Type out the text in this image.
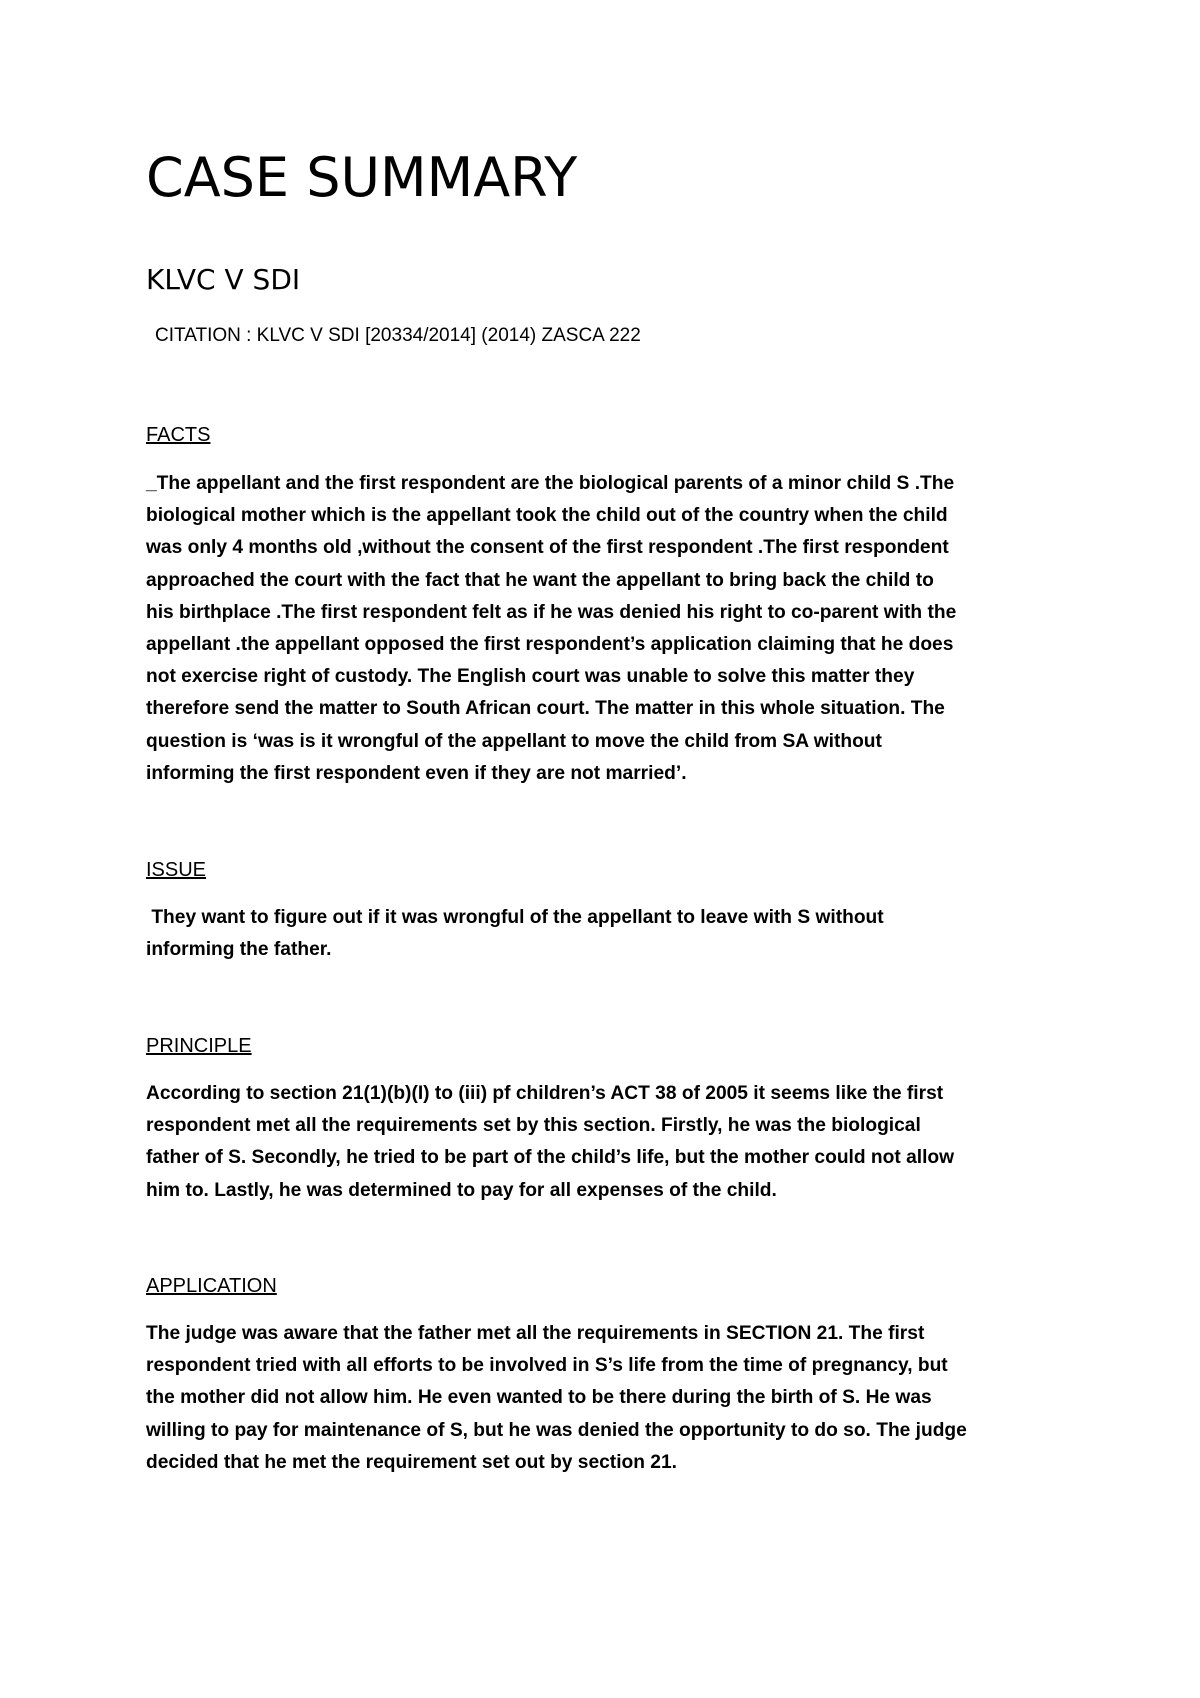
CASE SUMMARY
KLVC V SDI
CITATION : KLVC V SDI [20334/2014] (2014) ZASCA 222
FACTS
_The appellant and the first respondent are the biological parents of a minor child S .The
biological mother which is the appellant took the child out of the country when the child
was only 4 months old ,without the consent of the first respondent .The first respondent
approached the court with the fact that he want the appellant to bring back the child to
his birthplace .The first respondent felt as if he was denied his right to co-parent with the
appellant .the appellant opposed the first respondent’s application claiming that he does
not exercise right of custody. The English court was unable to solve this matter they
therefore send the matter to South African court. The matter in this whole situation. The
question is ‘was is it wrongful of the appellant to move the child from SA without
informing the first respondent even if they are not married’.
ISSUE
They want to figure out if it was wrongful of the appellant to leave with S without
informing the father.
PRINCIPLE
According to section 21(1)(b)(I) to (iii) pf children’s ACT 38 of 2005 it seems like the first
respondent met all the requirements set by this section. Firstly, he was the biological
father of S. Secondly, he tried to be part of the child’s life, but the mother could not allow
him to. Lastly, he was determined to pay for all expenses of the child.
APPLICATION
The judge was aware that the father met all the requirements in SECTION 21. The first
respondent tried with all efforts to be involved in S’s life from the time of pregnancy, but
the mother did not allow him. He even wanted to be there during the birth of S. He was
willing to pay for maintenance of S, but he was denied the opportunity to do so. The judge
decided that he met the requirement set out by section 21.
